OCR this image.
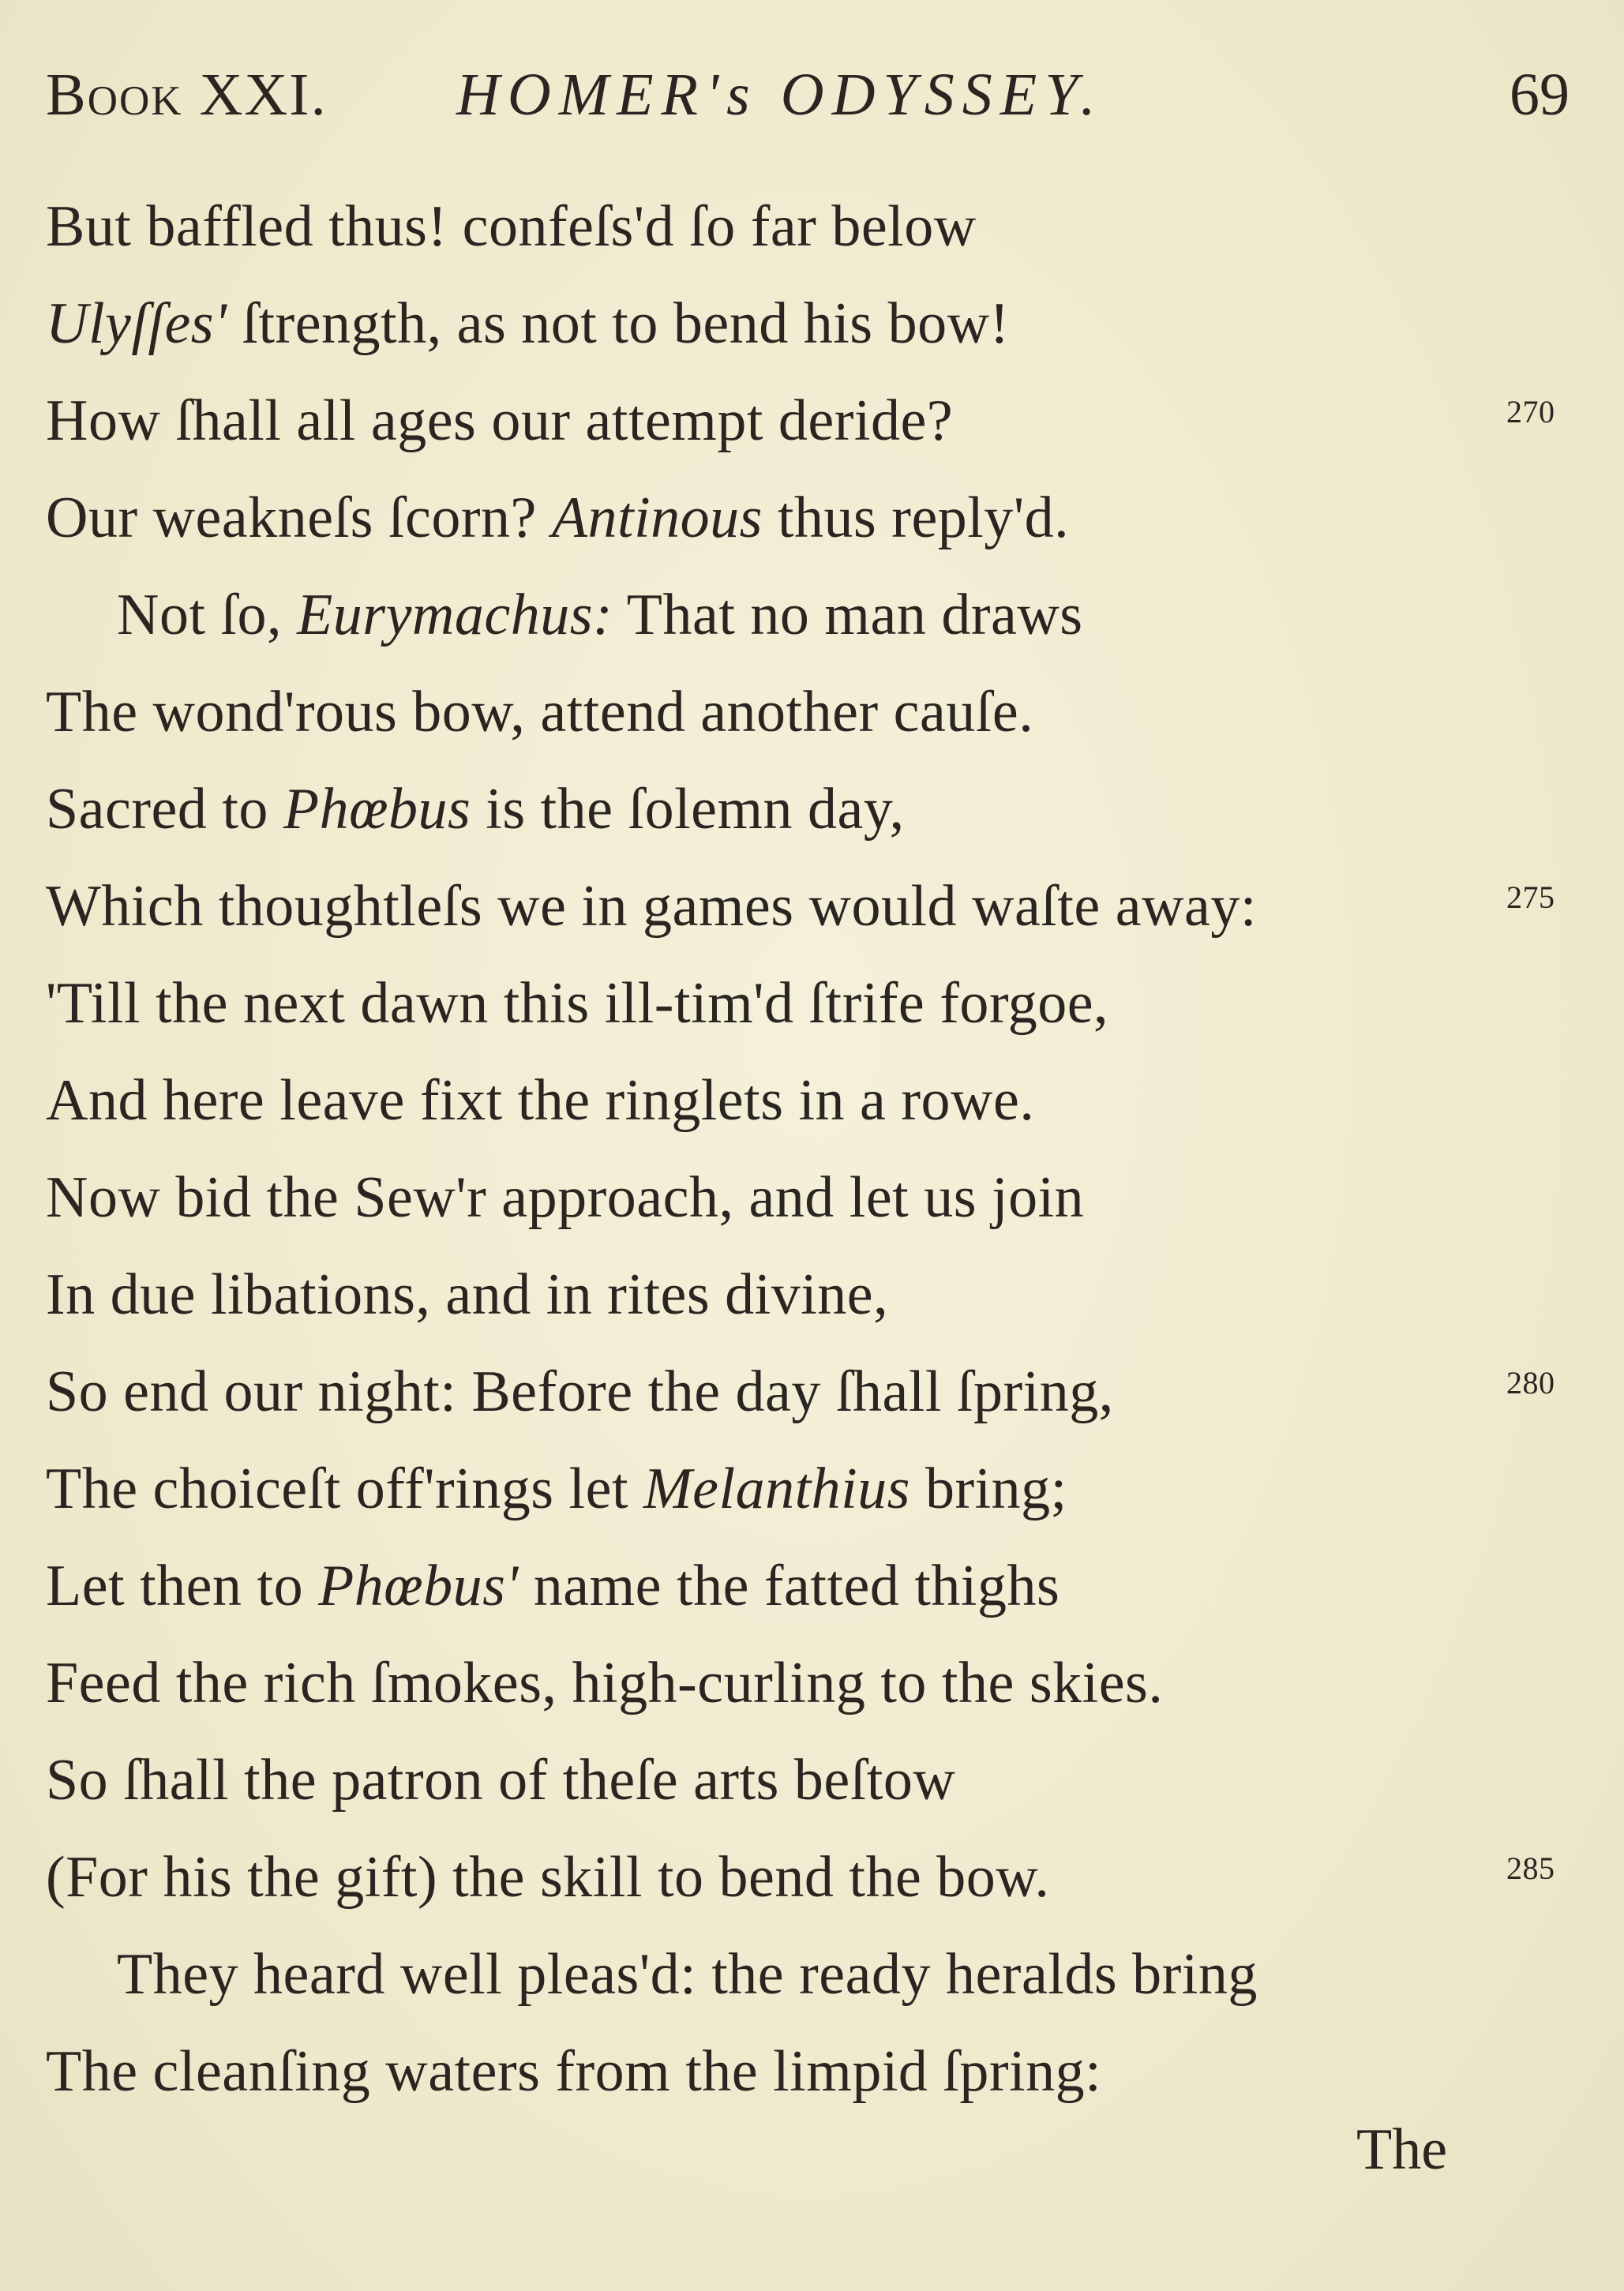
Book XXI. HOMER's ODYSSEY.	69
But baffled thus! confeſs'd ſo far below
Ulyſſes' ſtrength, as not to bend his bow!
How ſhall all ages our attempt deride?	270
Our weakneſs ſcorn? Antinous thus reply'd.
Not ſo, Eurymachus: That no man draws
The wond'rous bow, attend another cauſe.
Sacred to Phœbus is the ſolemn day,
Which thoughtleſs we in games would waſte away:	275
'Till the next dawn this ill-tim'd ſtrife forgoe,
And here leave fixt the ringlets in a rowe.
Now bid the Sew'r approach, and let us join
In due libations, and in rites divine,
So end our night: Before the day ſhall ſpring,	280
The choiceſt off'rings let Melanthius bring;
Let then to Phœbus' name the fatted thighs
Feed the rich ſmokes, high-curling to the skies.
So ſhall the patron of theſe arts beſtow
(For his the gift) the skill to bend the bow.	285
They heard well pleas'd: the ready heralds bring
The cleanſing waters from the limpid ſpring:
The
